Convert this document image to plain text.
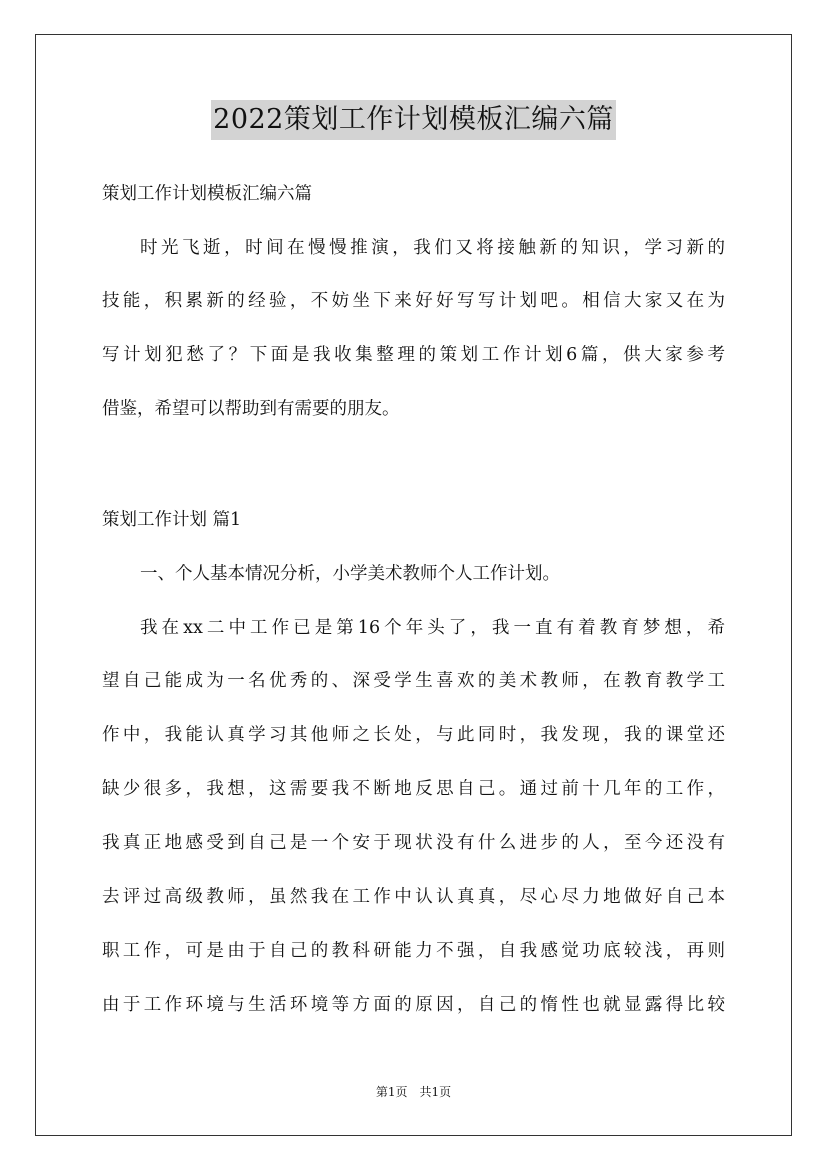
2022策划工作计划模板汇编六篇
策划工作计划模板汇编六篇
时光飞逝，时间在慢慢推演，我们又将接触新的知识，学习新的
技能，积累新的经验，不妨坐下来好好写写计划吧。相信大家又在为
写计划犯愁了？下面是我收集整理的策划工作计划6篇，供大家参考
借鉴，希望可以帮助到有需要的朋友。
策划工作计划 篇1
一、个人基本情况分析，小学美术教师个人工作计划。
我在xx二中工作已是第16个年头了，我一直有着教育梦想，希
望自己能成为一名优秀的、深受学生喜欢的美术教师，在教育教学工
作中，我能认真学习其他师之长处，与此同时，我发现，我的课堂还
缺少很多，我想，这需要我不断地反思自己。通过前十几年的工作，
我真正地感受到自己是一个安于现状没有什么进步的人，至今还没有
去评过高级教师，虽然我在工作中认认真真，尽心尽力地做好自己本
职工作，可是由于自己的教科研能力不强，自我感觉功底较浅，再则
由于工作环境与生活环境等方面的原因，自己的惰性也就显露得比较
第1页 共1页
